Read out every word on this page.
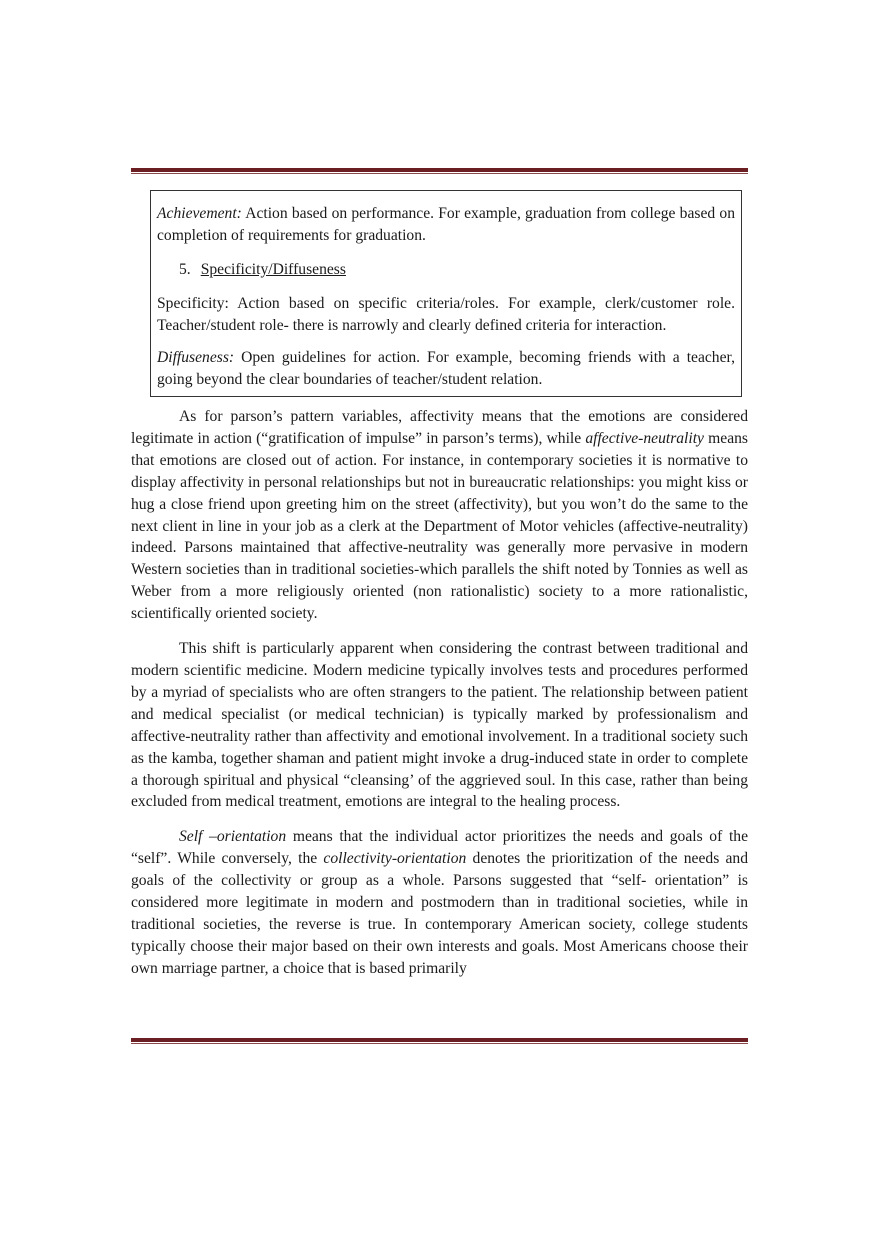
Achievement: Action based on performance. For example, graduation from college based on completion of requirements for graduation.

5. Specificity/Diffuseness

Specificity: Action based on specific criteria/roles. For example, clerk/customer role. Teacher/student role- there is narrowly and clearly defined criteria for interaction.

Diffuseness: Open guidelines for action. For example, becoming friends with a teacher, going beyond the clear boundaries of teacher/student relation.

As for parson’s pattern variables, affectivity means that the emotions are considered legitimate in action (“gratification of impulse” in parson’s terms), while affective-neutrality means that emotions are closed out of action. For instance, in contemporary societies it is normative to display affectivity in personal relationships but not in bureaucratic relationships: you might kiss or hug a close friend upon greeting him on the street (affectivity), but you won’t do the same to the next client in line in your job as a clerk at the Department of Motor vehicles (affective-neutrality) indeed. Parsons maintained that affective-neutrality was generally more pervasive in modern Western societies than in traditional societies-which parallels the shift noted by Tonnies as well as Weber from a more religiously oriented (non rationalistic) society to a more rationalistic, scientifically oriented society.

This shift is particularly apparent when considering the contrast between traditional and modern scientific medicine. Modern medicine typically involves tests and procedures performed by a myriad of specialists who are often strangers to the patient. The relationship between patient and medical specialist (or medical technician) is typically marked by professionalism and affective-neutrality rather than affectivity and emotional involvement. In a traditional society such as the kamba, together shaman and patient might invoke a drug-induced state in order to complete a thorough spiritual and physical “cleansing’ of the aggrieved soul. In this case, rather than being excluded from medical treatment, emotions are integral to the healing process.

Self –orientation means that the individual actor prioritizes the needs and goals of the “self”. While conversely, the collectivity-orientation denotes the prioritization of the needs and goals of the collectivity or group as a whole. Parsons suggested that “self- orientation” is considered more legitimate in modern and postmodern than in traditional societies, while in traditional societies, the reverse is true. In contemporary American society, college students typically choose their major based on their own interests and goals. Most Americans choose their own marriage partner, a choice that is based primarily
